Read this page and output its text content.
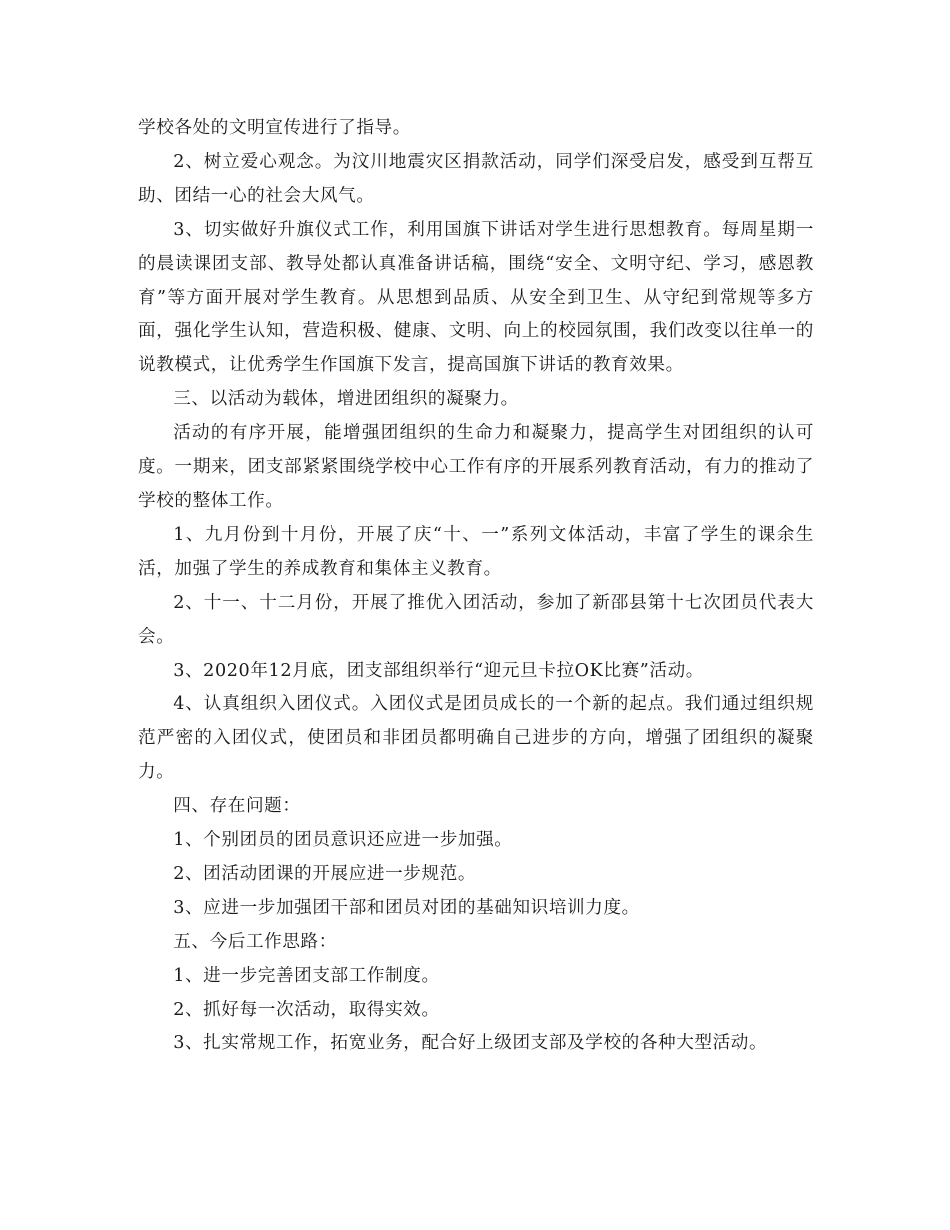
学校各处的文明宣传进行了指导。

2、树立爱心观念。为汶川地震灾区捐款活动，同学们深受启发，感受到互帮互助、团结一心的社会大风气。

3、切实做好升旗仪式工作，利用国旗下讲话对学生进行思想教育。每周星期一的晨读课团支部、教导处都认真准备讲话稿，围绕“安全、文明守纪、学习，感恩教育”等方面开展对学生教育。从思想到品质、从安全到卫生、从守纪到常规等多方面，强化学生认知，营造积极、健康、文明、向上的校园氛围，我们改变以往单一的说教模式，让优秀学生作国旗下发言，提高国旗下讲话的教育效果。

三、以活动为载体，增进团组织的凝聚力。

活动的有序开展，能增强团组织的生命力和凝聚力，提高学生对团组织的认可度。一期来，团支部紧紧围绕学校中心工作有序的开展系列教育活动，有力的推动了学校的整体工作。

1、九月份到十月份，开展了庆“十、一”系列文体活动，丰富了学生的课余生活，加强了学生的养成教育和集体主义教育。

2、十一、十二月份，开展了推优入团活动，参加了新邵县第十七次团员代表大会。

3、2020年12月底，团支部组织举行“迎元旦卡拉OK比赛”活动。

4、认真组织入团仪式。入团仪式是团员成长的一个新的起点。我们通过组织规范严密的入团仪式，使团员和非团员都明确自己进步的方向，增强了团组织的凝聚力。

四、存在问题：

1、个别团员的团员意识还应进一步加强。

2、团活动团课的开展应进一步规范。

3、应进一步加强团干部和团员对团的基础知识培训力度。

五、今后工作思路：

1、进一步完善团支部工作制度。

2、抓好每一次活动，取得实效。

3、扎实常规工作，拓宽业务，配合好上级团支部及学校的各种大型活动。
